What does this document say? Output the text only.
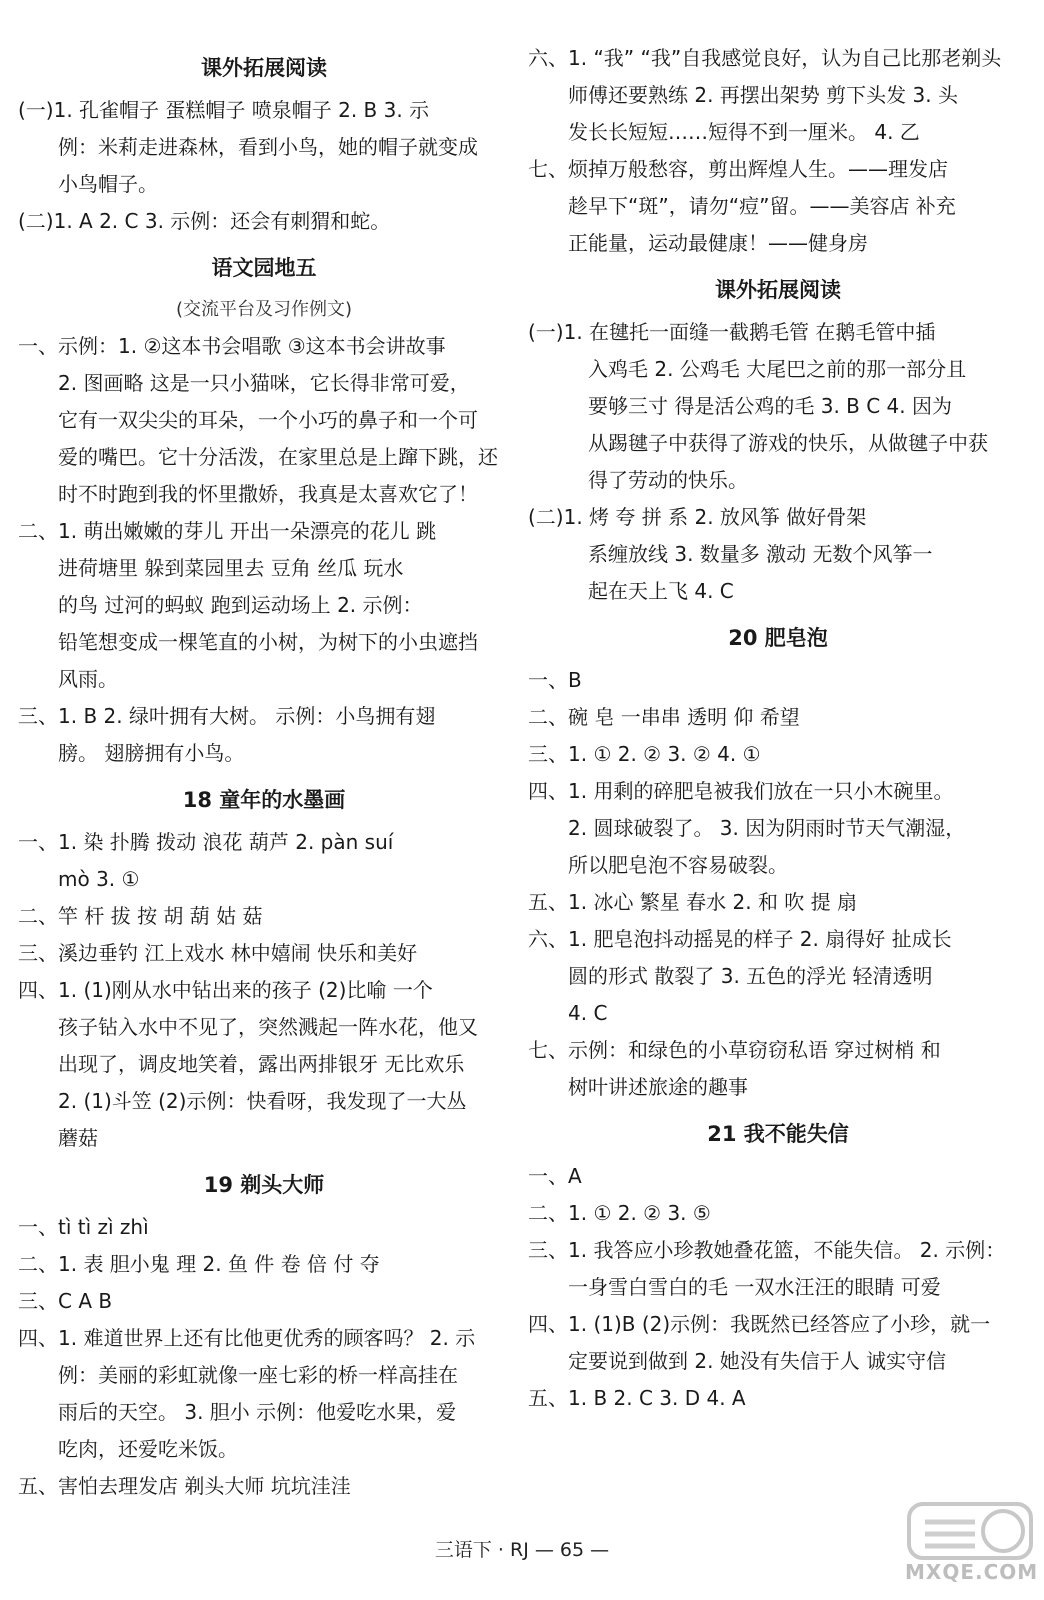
课外拓展阅读
(一)1. 孔雀帽子 蛋糕帽子 喷泉帽子 2. B 3. 示
例：米莉走进森林，看到小鸟，她的帽子就变成
小鸟帽子。
(二)1. A 2. C 3. 示例：还会有刺猬和蛇。
语文园地五
(交流平台及习作例文)
一、示例：1. ②这本书会唱歌 ③这本书会讲故事
2. 图画略 这是一只小猫咪，它长得非常可爱，
它有一双尖尖的耳朵，一个小巧的鼻子和一个可
爱的嘴巴。它十分活泼，在家里总是上蹿下跳，还
时不时跑到我的怀里撒娇，我真是太喜欢它了！
二、1. 萌出嫩嫩的芽儿 开出一朵漂亮的花儿 跳
进荷塘里 躲到菜园里去 豆角 丝瓜 玩水
的鸟 过河的蚂蚁 跑到运动场上 2. 示例：
铅笔想变成一棵笔直的小树，为树下的小虫遮挡
风雨。
三、1. B 2. 绿叶拥有大树。 示例：小鸟拥有翅
膀。 翅膀拥有小鸟。
18 童年的水墨画
一、1. 染 扑腾 拨动 浪花 葫芦 2. pàn suí
mò 3. ①
二、竿 杆 拔 按 胡 葫 姑 菇
三、溪边垂钓 江上戏水 林中嬉闹 快乐和美好
四、1. (1)刚从水中钻出来的孩子 (2)比喻 一个
孩子钻入水中不见了，突然溅起一阵水花，他又
出现了，调皮地笑着，露出两排银牙 无比欢乐
2. (1)斗笠 (2)示例：快看呀，我发现了一大丛
蘑菇
19 剃头大师
一、tì tì zì zhì
二、1. 表 胆小鬼 理 2. 鱼 件 卷 倍 付 夺
三、C A B
四、1. 难道世界上还有比他更优秀的顾客吗？ 2. 示
例：美丽的彩虹就像一座七彩的桥一样高挂在
雨后的天空。 3. 胆小 示例：他爱吃水果，爱
吃肉，还爱吃米饭。
五、害怕去理发店 剃头大师 坑坑洼洼
六、1. “我” “我”自我感觉良好，认为自己比那老剃头
师傅还要熟练 2. 再摆出架势 剪下头发 3. 头
发长长短短……短得不到一厘米。 4. 乙
七、烦掉万般愁容，剪出辉煌人生。——理发店
趁早下“斑”，请勿“痘”留。——美容店 补充
正能量，运动最健康！——健身房
课外拓展阅读
(一)1. 在毽托一面缝一截鹅毛管 在鹅毛管中插
入鸡毛 2. 公鸡毛 大尾巴之前的那一部分且
要够三寸 得是活公鸡的毛 3. B C 4. 因为
从踢毽子中获得了游戏的快乐，从做毽子中获
得了劳动的快乐。
(二)1. 烤 夸 拼 系 2. 放风筝 做好骨架
系缠放线 3. 数量多 激动 无数个风筝一
起在天上飞 4. C
20 肥皂泡
一、B
二、碗 皂 一串串 透明 仰 希望
三、1. ① 2. ② 3. ② 4. ①
四、1. 用剩的碎肥皂被我们放在一只小木碗里。
2. 圆球破裂了。 3. 因为阴雨时节天气潮湿，
所以肥皂泡不容易破裂。
五、1. 冰心 繁星 春水 2. 和 吹 提 扇
六、1. 肥皂泡抖动摇晃的样子 2. 扇得好 扯成长
圆的形式 散裂了 3. 五色的浮光 轻清透明
4. C
七、示例：和绿色的小草窃窃私语 穿过树梢 和
树叶讲述旅途的趣事
21 我不能失信
一、A
二、1. ① 2. ② 3. ⑤
三、1. 我答应小珍教她叠花篮，不能失信。 2. 示例：
一身雪白雪白的毛 一双水汪汪的眼睛 可爱
四、1. (1)B (2)示例：我既然已经答应了小珍，就一
定要说到做到 2. 她没有失信于人 诚实守信
五、1. B 2. C 3. D 4. A
三语下 · RJ — 65 —
MXQE.COM
